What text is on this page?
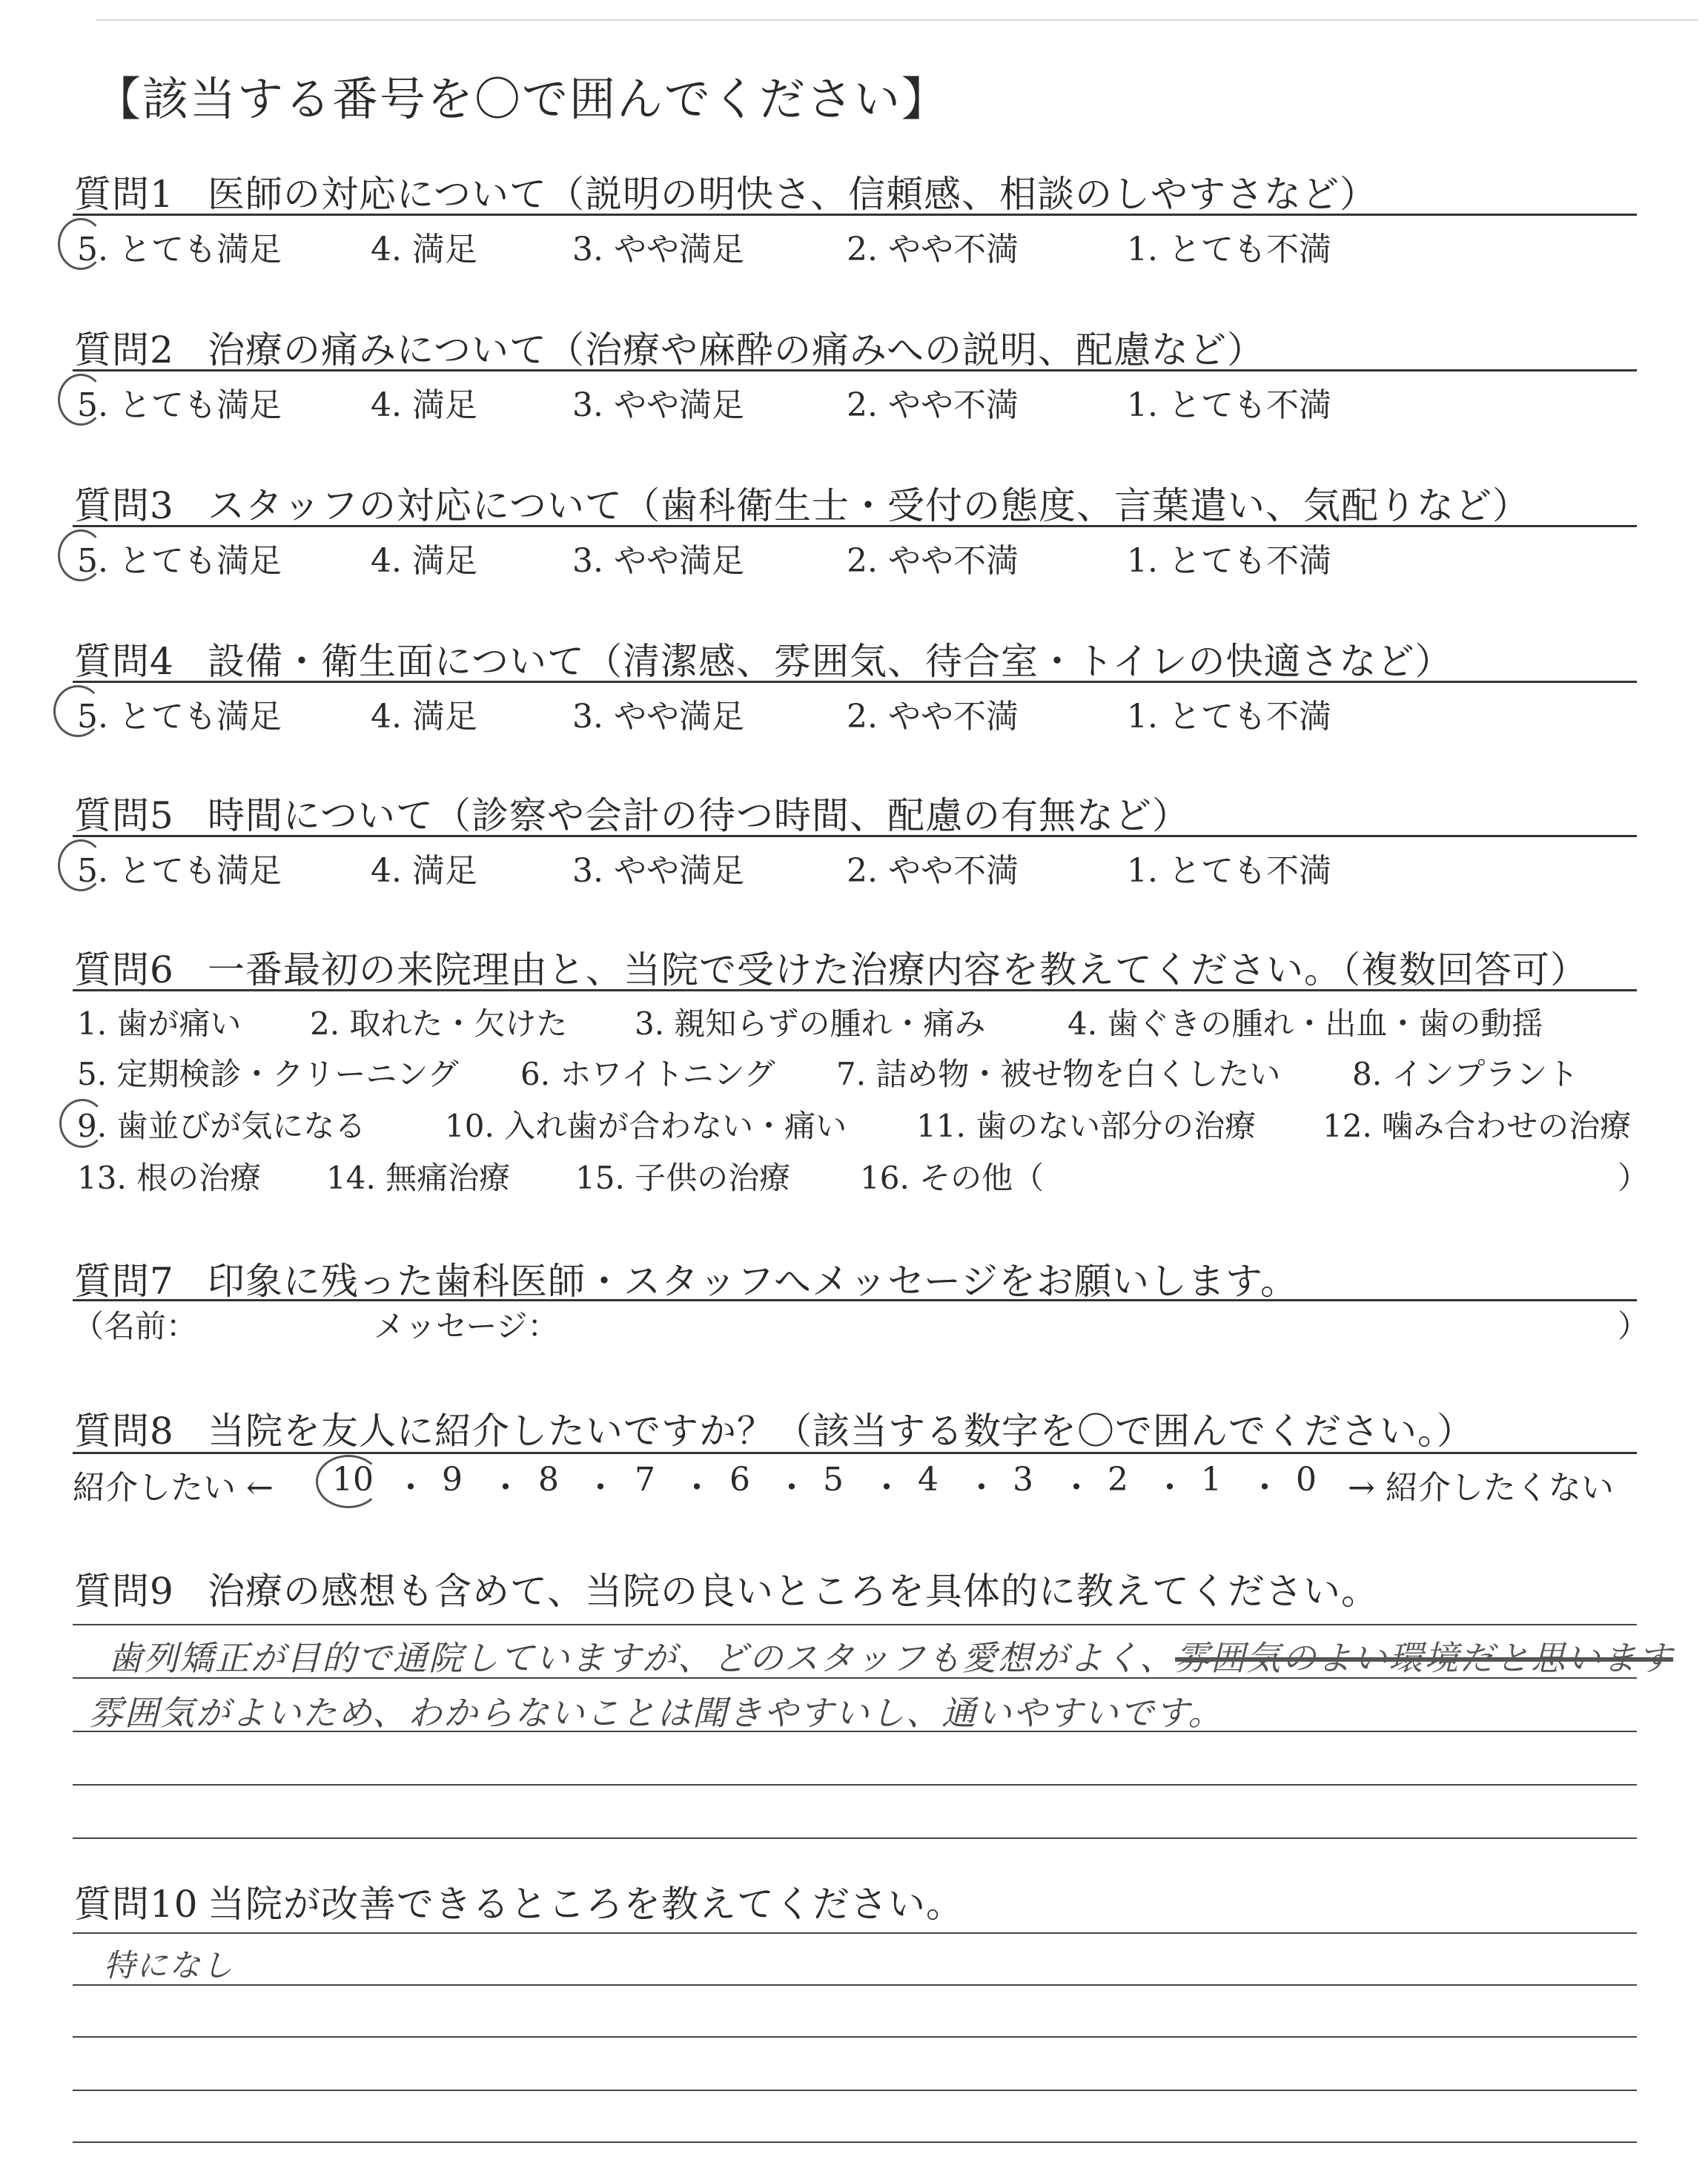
【該当する番号を〇で囲んでください】
質問1 医師の対応について（説明の明快さ、信頼感、相談のしやすさなど）
5. とても満足	4. 満足	3. やや満足	2. やや不満	1. とても不満
質問2 治療の痛みについて（治療や麻酔の痛みへの説明、配慮など）
5. とても満足	4. 満足	3. やや満足	2. やや不満	1. とても不満
質問3 スタッフの対応について（歯科衛生士・受付の態度、言葉遣い、気配りなど）
5. とても満足	4. 満足	3. やや満足	2. やや不満	1. とても不満
質問4 設備・衛生面について（清潔感、雰囲気、待合室・トイレの快適さなど）
5. とても満足	4. 満足	3. やや満足	2. やや不満	1. とても不満
質問5 時間について（診察や会計の待つ時間、配慮の有無など）
5. とても満足	4. 満足	3. やや満足	2. やや不満	1. とても不満
質問6 一番最初の来院理由と、当院で受けた治療内容を教えてください。（複数回答可）
1. 歯が痛い 2. 取れた・欠けた 3. 親知らずの腫れ・痛み	4. 歯ぐきの腫れ・出血・歯の動揺
5. 定期検診・クリーニング 6. ホワイトニング 7. 詰め物・被せ物を白くしたい 8. インプラント
9. 歯並びが気になる	10. 入れ歯が合わない・痛い 11. 歯のない部分の治療 12. 噛み合わせの治療
13. 根の治療 14. 無痛治療 15. 子供の治療 16. その他（	）
質問7 印象に残った歯科医師・スタッフへメッセージをお願いします。
（名前：	メッセージ：	）
質問8 当院を友人に紹介したいですか？（該当する数字を〇で囲んでください。）
紹介したい ← 10 ・ 9 ・ 8 ・ 7 ・ 6 ・ 5 ・ 4 ・ 3 ・ 2 ・ 1 ・ 0 → 紹介したくない
質問9 治療の感想も含めて、当院の良いところを具体的に教えてください。
歯列矯正が目的で通院していますが、どのスタッフも愛想がよく、雰囲気のよい環境だと思います
雰囲気がよいため、わからないことは聞きやすいし、通いやすいです。
質問10 当院が改善できるところを教えてください。
特になし
